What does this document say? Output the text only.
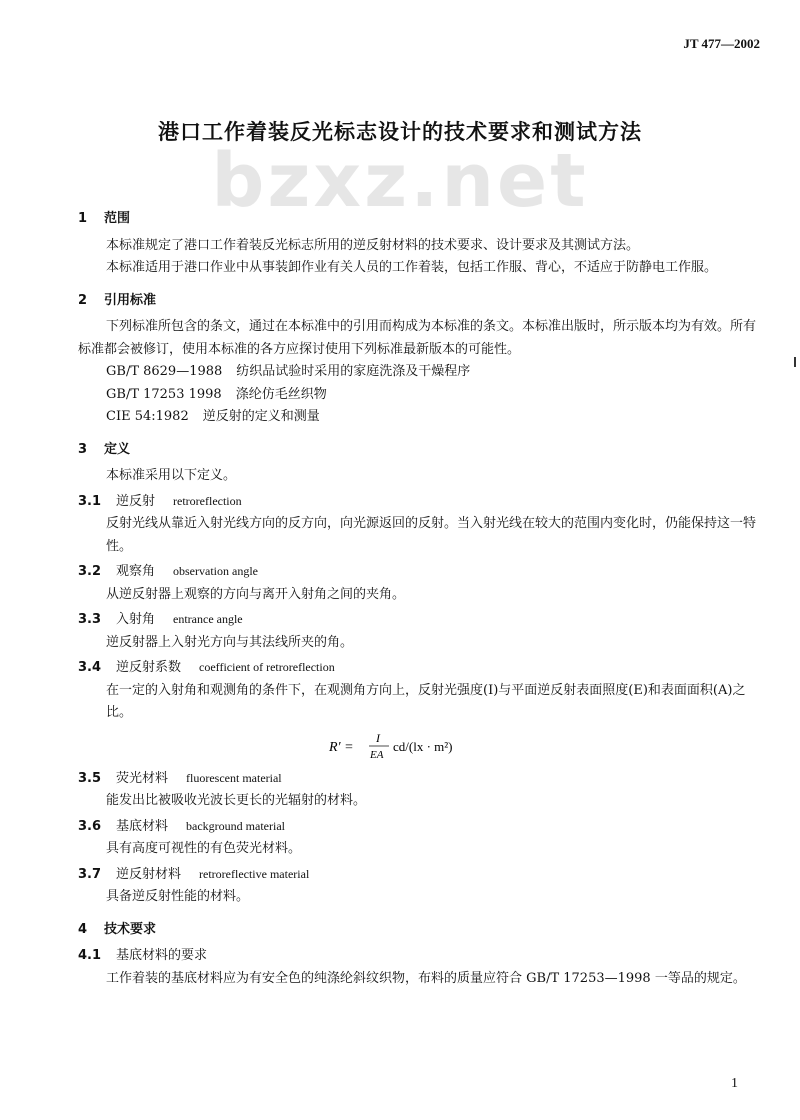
JT 477—2002
bzxz.net
港口工作着装反光标志设计的技术要求和测试方法
1 范围

本标准规定了港口工作着装反光标志所用的逆反射材料的技术要求、设计要求及其测试方法。

本标准适用于港口作业中从事装卸作业有关人员的工作着装，包括工作服、背心，不适应于防静电工作服。

2 引用标准

下列标准所包含的条文，通过在本标准中的引用而构成为本标准的条文。本标准出版时，所示版本均为有效。所有标准都会被修订，使用本标准的各方应探讨使用下列标准最新版本的可能性。

GB/T 8629—1988 纺织品试验时采用的家庭洗涤及干燥程序

GB/T 17253 1998 涤纶仿毛丝织物

CIE 54:1982 逆反射的定义和测量

3 定义

本标准采用以下定义。

3.1 逆反射 retroreflection

反射光线从靠近入射光线方向的反方向，向光源返回的反射。当入射光线在较大的范围内变化时，仍能保持这一特性。

3.2 观察角 observation angle

从逆反射器上观察的方向与离开入射角之间的夹角。

3.3 入射角 entrance angle

逆反射器上入射光方向与其法线所夹的角。

3.4 逆反射系数 coefficient of retroreflection

在一定的入射角和观测角的条件下，在观测角方向上，反射光强度(I)与平面逆反射表面照度(E)和表面面积(A)之比。

R′ =
I
EA
cd/(lx · m²)
3.5 荧光材料 fluorescent material

能发出比被吸收光波长更长的光辐射的材料。

3.6 基底材料 background material

具有高度可视性的有色荧光材料。

3.7 逆反射材料 retroreflective material

具备逆反射性能的材料。

4 技术要求
4.1 基底材料的要求

工作着装的基底材料应为有安全色的纯涤纶斜纹织物，布料的质量应符合 GB/T 17253—1998 一等品的规定。

1
